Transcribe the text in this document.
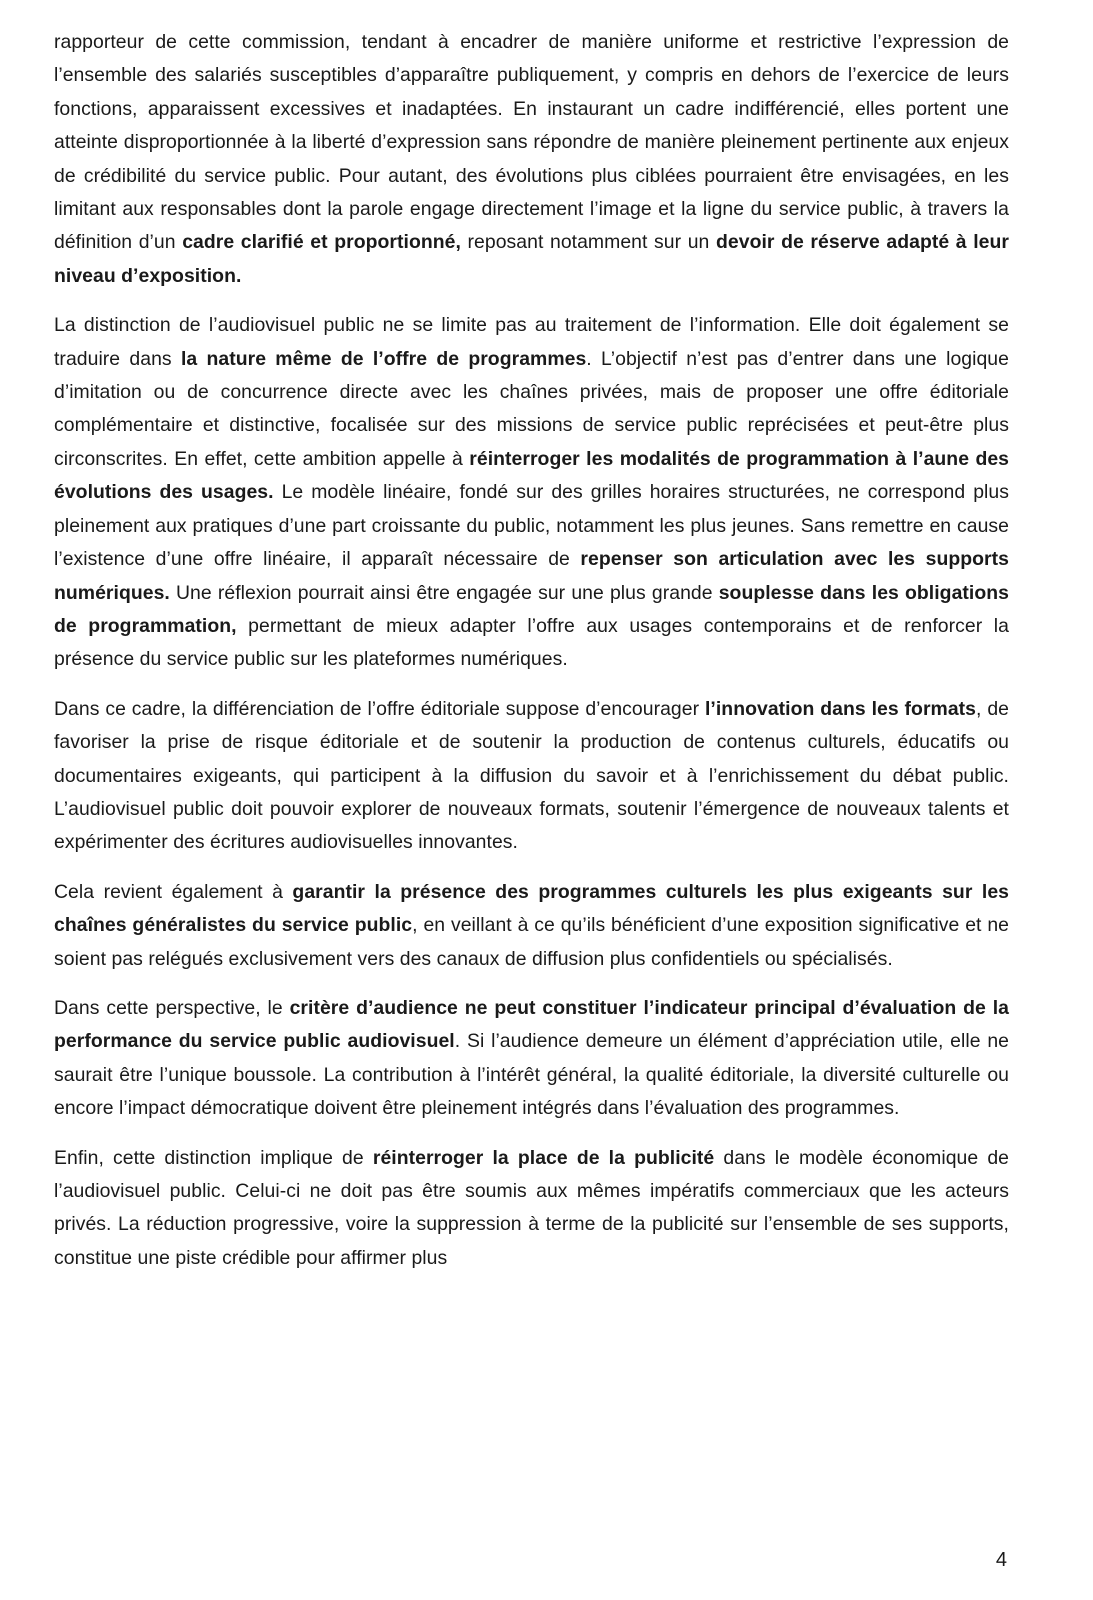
rapporteur de cette commission, tendant à encadrer de manière uniforme et restrictive l’expression de l’ensemble des salariés susceptibles d’apparaître publiquement, y compris en dehors de l’exercice de leurs fonctions, apparaissent excessives et inadaptées. En instaurant un cadre indifférencié, elles portent une atteinte disproportionnée à la liberté d’expression sans répondre de manière pleinement pertinente aux enjeux de crédibilité du service public. Pour autant, des évolutions plus ciblées pourraient être envisagées, en les limitant aux responsables dont la parole engage directement l’image et la ligne du service public, à travers la définition d’un cadre clarifié et proportionné, reposant notamment sur un devoir de réserve adapté à leur niveau d’exposition.

La distinction de l’audiovisuel public ne se limite pas au traitement de l’information. Elle doit également se traduire dans la nature même de l’offre de programmes. L’objectif n’est pas d’entrer dans une logique d’imitation ou de concurrence directe avec les chaînes privées, mais de proposer une offre éditoriale complémentaire et distinctive, focalisée sur des missions de service public reprécisées et peut-être plus circonscrites. En effet, cette ambition appelle à réinterroger les modalités de programmation à l’aune des évolutions des usages. Le modèle linéaire, fondé sur des grilles horaires structurées, ne correspond plus pleinement aux pratiques d’une part croissante du public, notamment les plus jeunes. Sans remettre en cause l’existence d’une offre linéaire, il apparaît nécessaire de repenser son articulation avec les supports numériques. Une réflexion pourrait ainsi être engagée sur une plus grande souplesse dans les obligations de programmation, permettant de mieux adapter l’offre aux usages contemporains et de renforcer la présence du service public sur les plateformes numériques.

Dans ce cadre, la différenciation de l’offre éditoriale suppose d’encourager l’innovation dans les formats, de favoriser la prise de risque éditoriale et de soutenir la production de contenus culturels, éducatifs ou documentaires exigeants, qui participent à la diffusion du savoir et à l’enrichissement du débat public. L’audiovisuel public doit pouvoir explorer de nouveaux formats, soutenir l’émergence de nouveaux talents et expérimenter des écritures audiovisuelles innovantes.

Cela revient également à garantir la présence des programmes culturels les plus exigeants sur les chaînes généralistes du service public, en veillant à ce qu’ils bénéficient d’une exposition significative et ne soient pas relégués exclusivement vers des canaux de diffusion plus confidentiels ou spécialisés.

Dans cette perspective, le critère d’audience ne peut constituer l’indicateur principal d’évaluation de la performance du service public audiovisuel. Si l’audience demeure un élément d’appréciation utile, elle ne saurait être l’unique boussole. La contribution à l’intérêt général, la qualité éditoriale, la diversité culturelle ou encore l’impact démocratique doivent être pleinement intégrés dans l’évaluation des programmes.

Enfin, cette distinction implique de réinterroger la place de la publicité dans le modèle économique de l’audiovisuel public. Celui-ci ne doit pas être soumis aux mêmes impératifs commerciaux que les acteurs privés. La réduction progressive, voire la suppression à terme de la publicité sur l’ensemble de ses supports, constitue une piste crédible pour affirmer plus

4
